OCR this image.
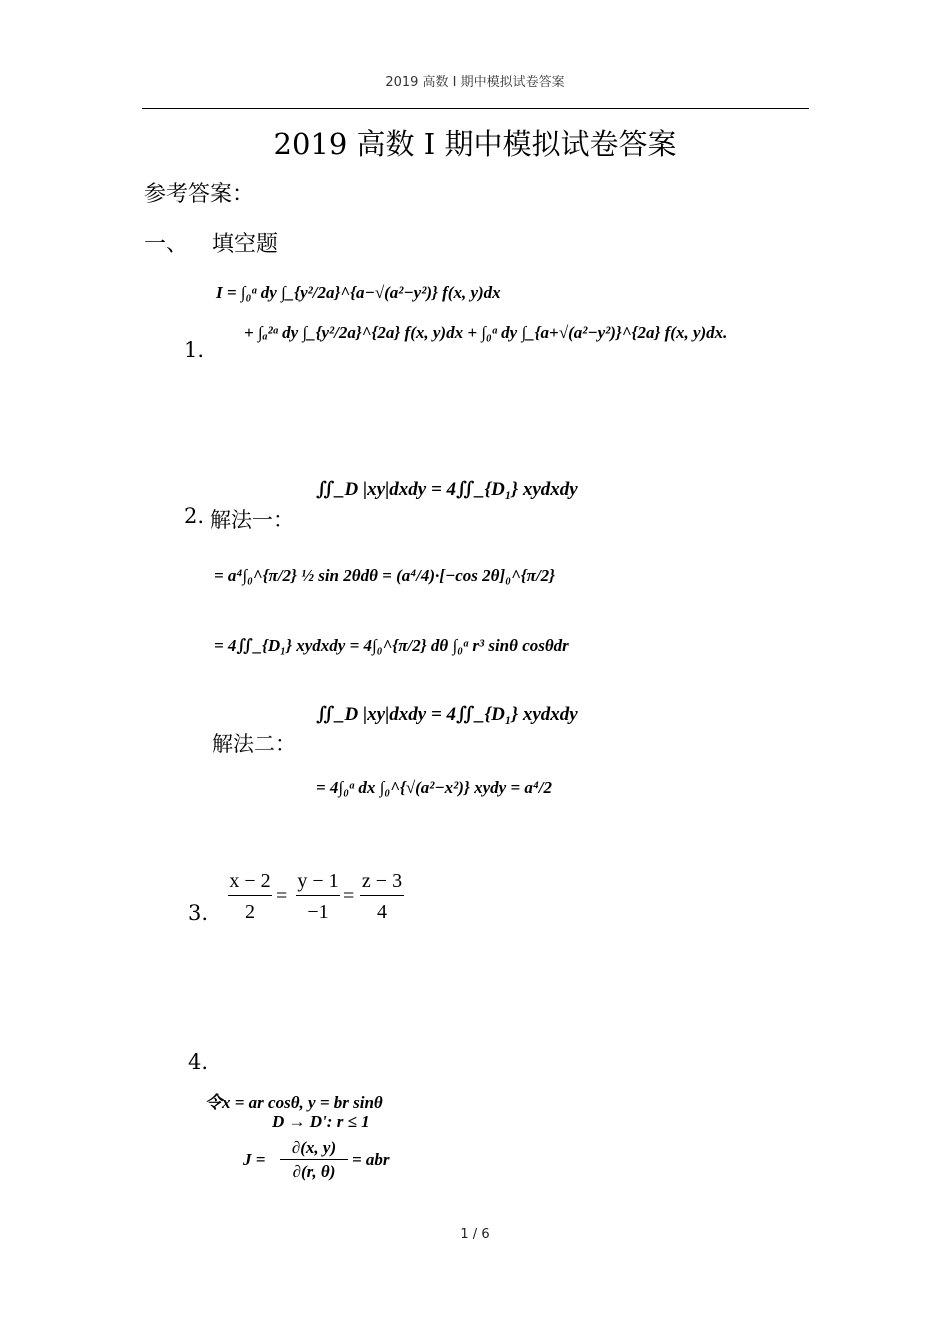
2019 高数 I 期中模拟试卷答案
2019 高数 I 期中模拟试卷答案
参考答案：
一、 填空题
1.
I = ∫₀ᵃ dy ∫_{y²/2a}^{a−√(a²−y²)} f(x, y)dx
+ ∫ₐ²ᵃ dy ∫_{y²/2a}^{2a} f(x, y)dx + ∫₀ᵃ dy ∫_{a+√(a²−y²)}^{2a} f(x, y)dx.
2. 解法一：
∬_D |xy|dxdy = 4∬_{D₁} xydxdy
= a⁴∫₀^{π/2} ½ sin 2θdθ = (a⁴/4)·[−cos 2θ]₀^{π/2}
= 4∬_{D₁} xydxdy = 4∫₀^{π/2} dθ ∫₀ᵃ r³ sinθ cosθdr
解法二：
∬_D |xy|dxdy = 4∬_{D₁} xydxdy
= 4∫₀ᵃ dx ∫₀^{√(a²−x²)} xydy = a⁴/2
3.
x − 2
2
=
y − 1
−1
=
z − 3
4
4.
令x = ar cosθ, y = br sinθ
D → D': r ≤ 1
J =
∂(x, y)
∂(r, θ)
= abr
1 / 6
